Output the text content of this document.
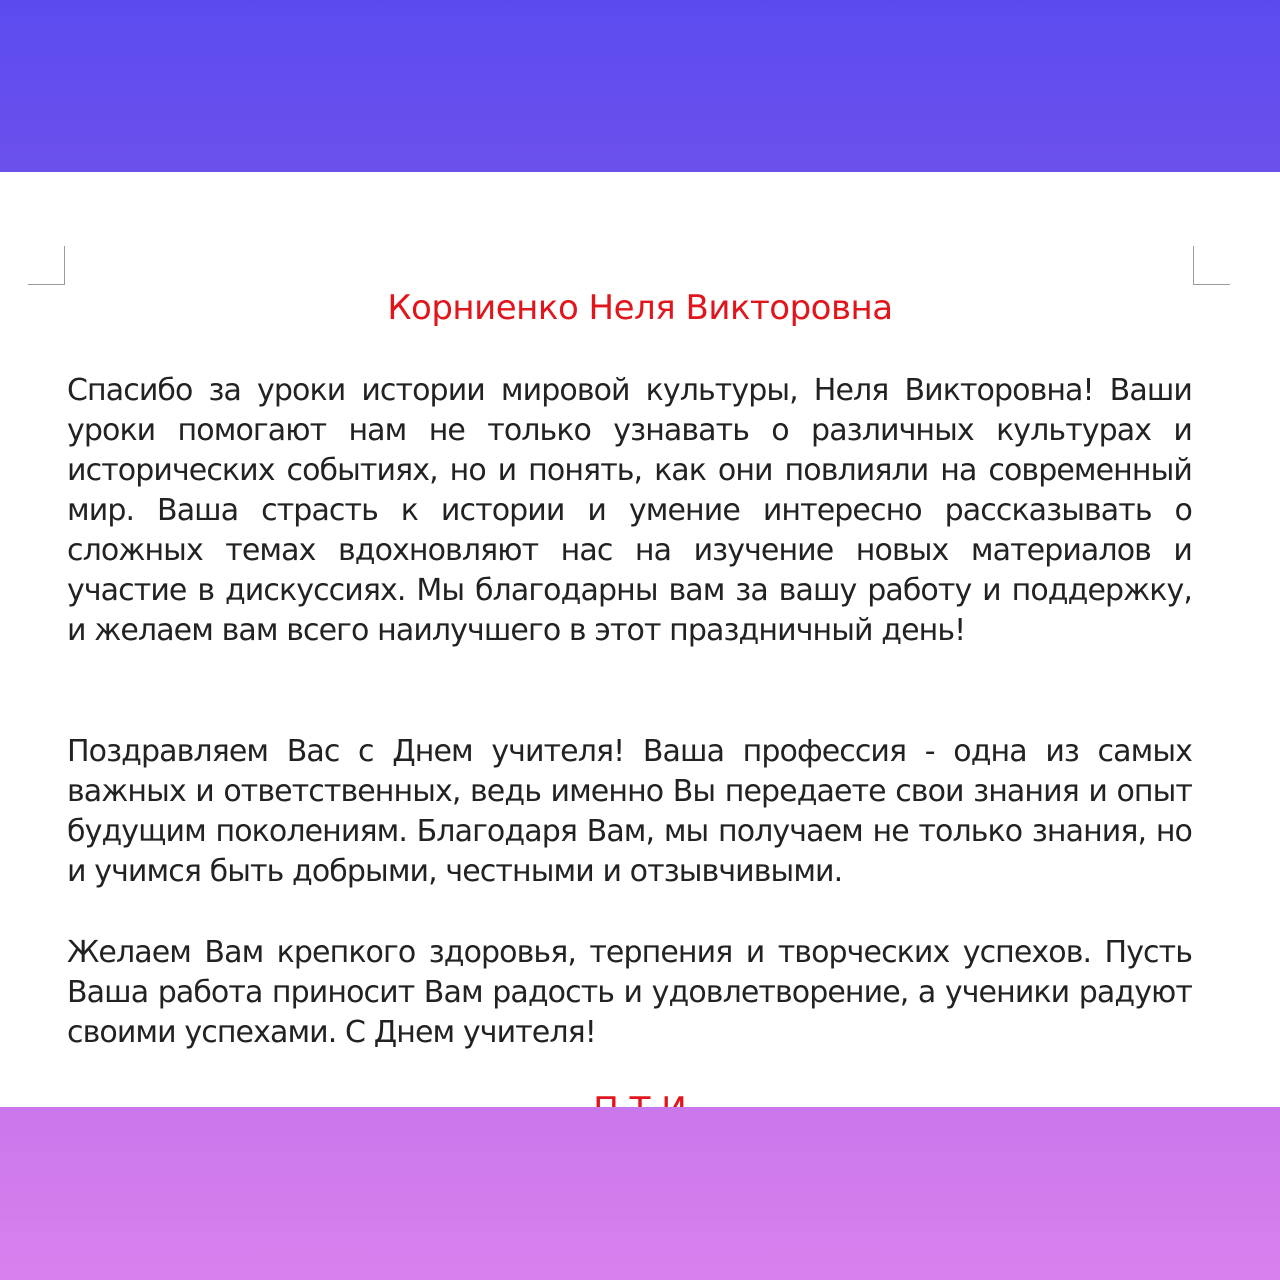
Корниенко Неля Викторовна

Спасибо за уроки истории мировой культуры, Неля Викторовна! Ваши уроки помогают нам не только узнавать о различных культурах и исторических событиях, но и понять, как они повлияли на современный мир. Ваша страсть к истории и умение интересно рассказывать о сложных темах вдохновляют нас на изучение новых материалов и участие в дискуссиях. Мы благодарны вам за вашу работу и поддержку, и желаем вам всего наилучшего в этот праздничный день!

Поздравляем Вас с Днем учителя! Ваша профессия - одна из самых важных и ответственных, ведь именно Вы передаете свои знания и опыт будущим поколениям. Благодаря Вам, мы получаем не только знания, но и учимся быть добрыми, честными и отзывчивыми.

Желаем Вам крепкого здоровья, терпения и творческих успехов. Пусть Ваша работа приносит Вам радость и удовлетворение, а ученики радуют своими успехами. С Днем учителя!
